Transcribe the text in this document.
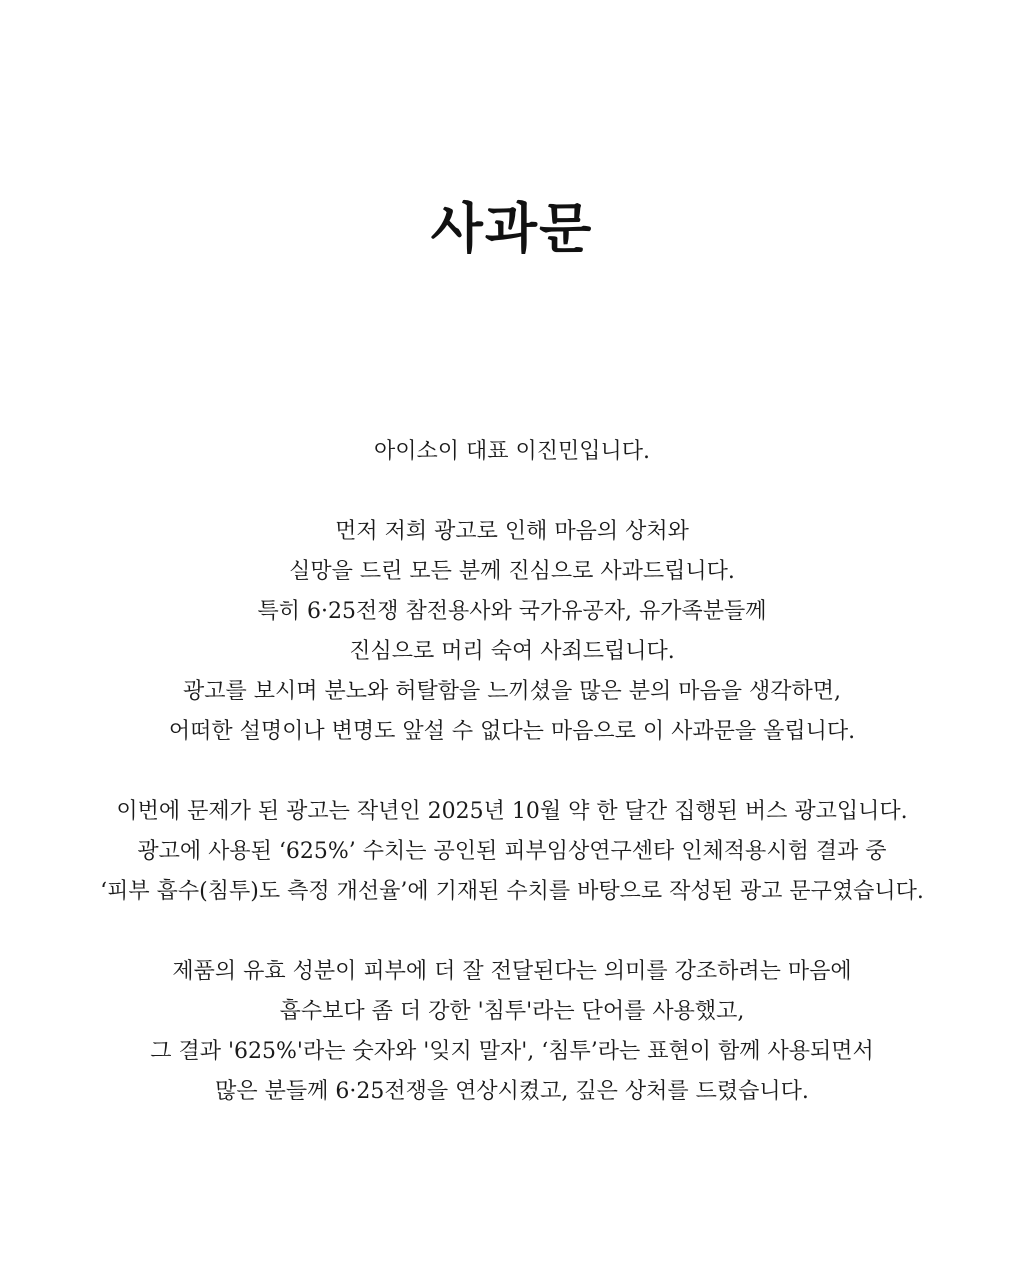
사과문

아이소이 대표 이진민입니다.

먼저 저희 광고로 인해 마음의 상처와
실망을 드린 모든 분께 진심으로 사과드립니다.
특히 6·25전쟁 참전용사와 국가유공자, 유가족분들께
진심으로 머리 숙여 사죄드립니다.
광고를 보시며 분노와 허탈함을 느끼셨을 많은 분의 마음을 생각하면,
어떠한 설명이나 변명도 앞설 수 없다는 마음으로 이 사과문을 올립니다.

이번에 문제가 된 광고는 작년인 2025년 10월 약 한 달간 집행된 버스 광고입니다.
광고에 사용된 ‘625%’ 수치는 공인된 피부임상연구센타 인체적용시험 결과 중
‘피부 흡수(침투)도 측정 개선율’에 기재된 수치를 바탕으로 작성된 광고 문구였습니다.

제품의 유효 성분이 피부에 더 잘 전달된다는 의미를 강조하려는 마음에
흡수보다 좀 더 강한 '침투'라는 단어를 사용했고,
그 결과 '625%'라는 숫자와 '잊지 말자', ‘침투’라는 표현이 함께 사용되면서
많은 분들께 6·25전쟁을 연상시켰고, 깊은 상처를 드렸습니다.
